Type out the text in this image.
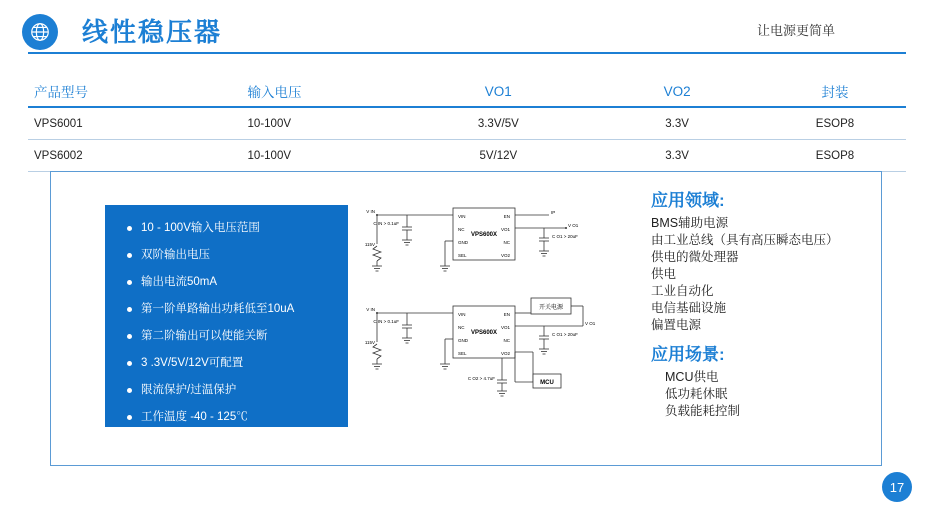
线性稳压器	让电源更简单
产品型号	输入电压	VO1	VO2	封装
VPS6001	10-100V	3.3V/5V	3.3V	ESOP8
VPS6002	10-100V	5V/12V	3.3V	ESOP8
10 - 100V输入电压范围
双阶输出电压
输出电流50mA
第一阶单路输出功耗低至10uA
第二阶输出可以使能关断
3 .3V/5V/12V可配置
限流保护/过温保护
工作温度 -40 - 125℃
VPS600X
VIN
NC
GND
SEL
EN
VO1
NC
VO2
V IN
C IN > 0.1uF
115V
IP
V O1
C O1 > 20uF
VPS600X
VIN
NC
GND
SEL
EN
VO1
NC
VO2
V IN
C IN > 0.1uF
115V
开关电源
V O1
C O1 > 20uF
C O2 > 4.7uF
MCU
应用领域:
BMS辅助电源
由工业总线（具有高压瞬态电压）
供电的微处理器
供电
工业自动化
电信基础设施
偏置电源
应用场景:
MCU供电
低功耗休眠
负载能耗控制
17
